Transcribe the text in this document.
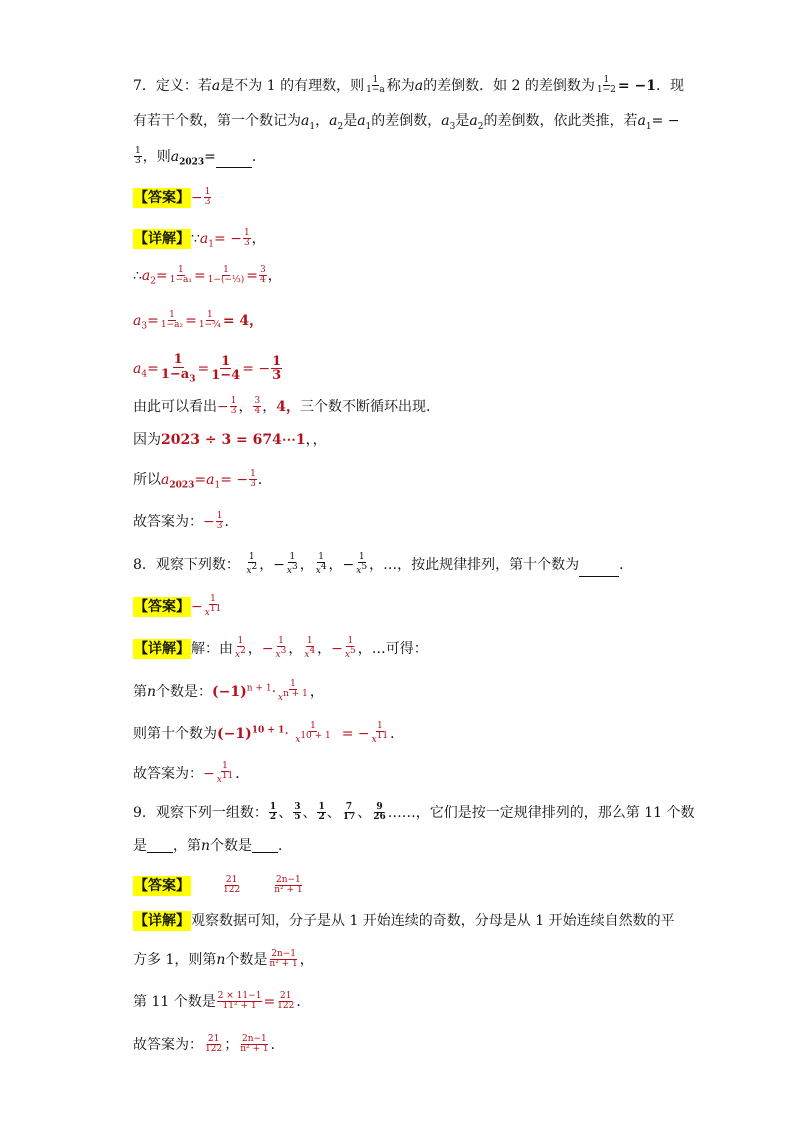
7．定义：若a是不为 1 的有理数，则 $\frac{1}{1-a}$ 称为a的差倒数．如 2 的差倒数为 $\frac{1}{1-2} = -1$．现
有若干个数，第一个数记为$a_1$，$a_2$是$a_1$的差倒数，$a_3$是$a_2$的差倒数，依此类推，若$a_1=$ −
$\frac{1}{3}$ ，则$a_{2023}=$	．
【答案】− $\frac{1}{3}$
【详解】$\because a_1= - \frac{1}{3}$ ，
$\therefore a_2= \frac{1}{\text{1−a₁}} = \frac{1}{\text{1−(−⅓)}} = \frac{3}{4}$ ，
$a_3= \frac{1}{\text{1−a₂}} = \frac{1}{\text{1−¾}} = 4$，
$a_4= \frac{1}{1-a_3} = \frac{1}{1-4}$ = − $\frac{1}{3}$
由此可以看出− $\frac{1}{3}$ ， $\frac{3}{4}$ ，4，三个数不断循环出现．
因为2023 ÷ 3 = 674⋯1，，
所以$a_{2023}=a_1= - \frac{1}{3}$ ．
故答案为：− $\frac{1}{3}$ ．
8．观察下列数： $\frac{1}{x^2}$ ，− $\frac{1}{x^3}$ ， $\frac{1}{x^4}$ ，− $\frac{1}{x^5}$ ，…，按此规律排列，第十个数为	．
【答案】− $\frac{1}{x^{11}}$
【详解】解：由 $\frac{1}{x^2}$ ，− $\frac{1}{x^3}$ ， $\frac{1}{x^4}$ ，− $\frac{1}{x^5}$ ，…可得：
第n个数是：$(-1)^{n + 1}\cdot \frac{1}{x^{n + 1}}$ ，
则第十个数为$(-1)^{10 + 1}\cdot \frac{1}{x^{10 + 1}}$ = − $\frac{1}{x^{11}}$ ．
故答案为：− $\frac{1}{x^{11}}$ ．
9．观察下列一组数： $\frac{1}{2}$ 、 $\frac{3}{5}$ 、 $\frac{1}{2}$ 、 $\frac{7}{17}$ 、 $\frac{9}{26}$ ……，它们是按一定规律排列的，那么第 11 个数
是 ，第n个数是 ．
【答案】	$\frac{21}{122}$	$\frac{2n-1}{\text{n² + 1}}$
【详解】观察数据可知，分子是从 1 开始连续的奇数，分母是从 1 开始连续自然数的平
方多 1，则第n个数是 $\frac{2n-1}{\text{n² + 1}}$ ，
第 11 个数是 $\frac{2 \times 11-1}{\text{11² + 1}} = \frac{21}{122}$ ．
故答案为： $\frac{21}{122}$ ； $\frac{2n-1}{\text{n² + 1}}$ ．
